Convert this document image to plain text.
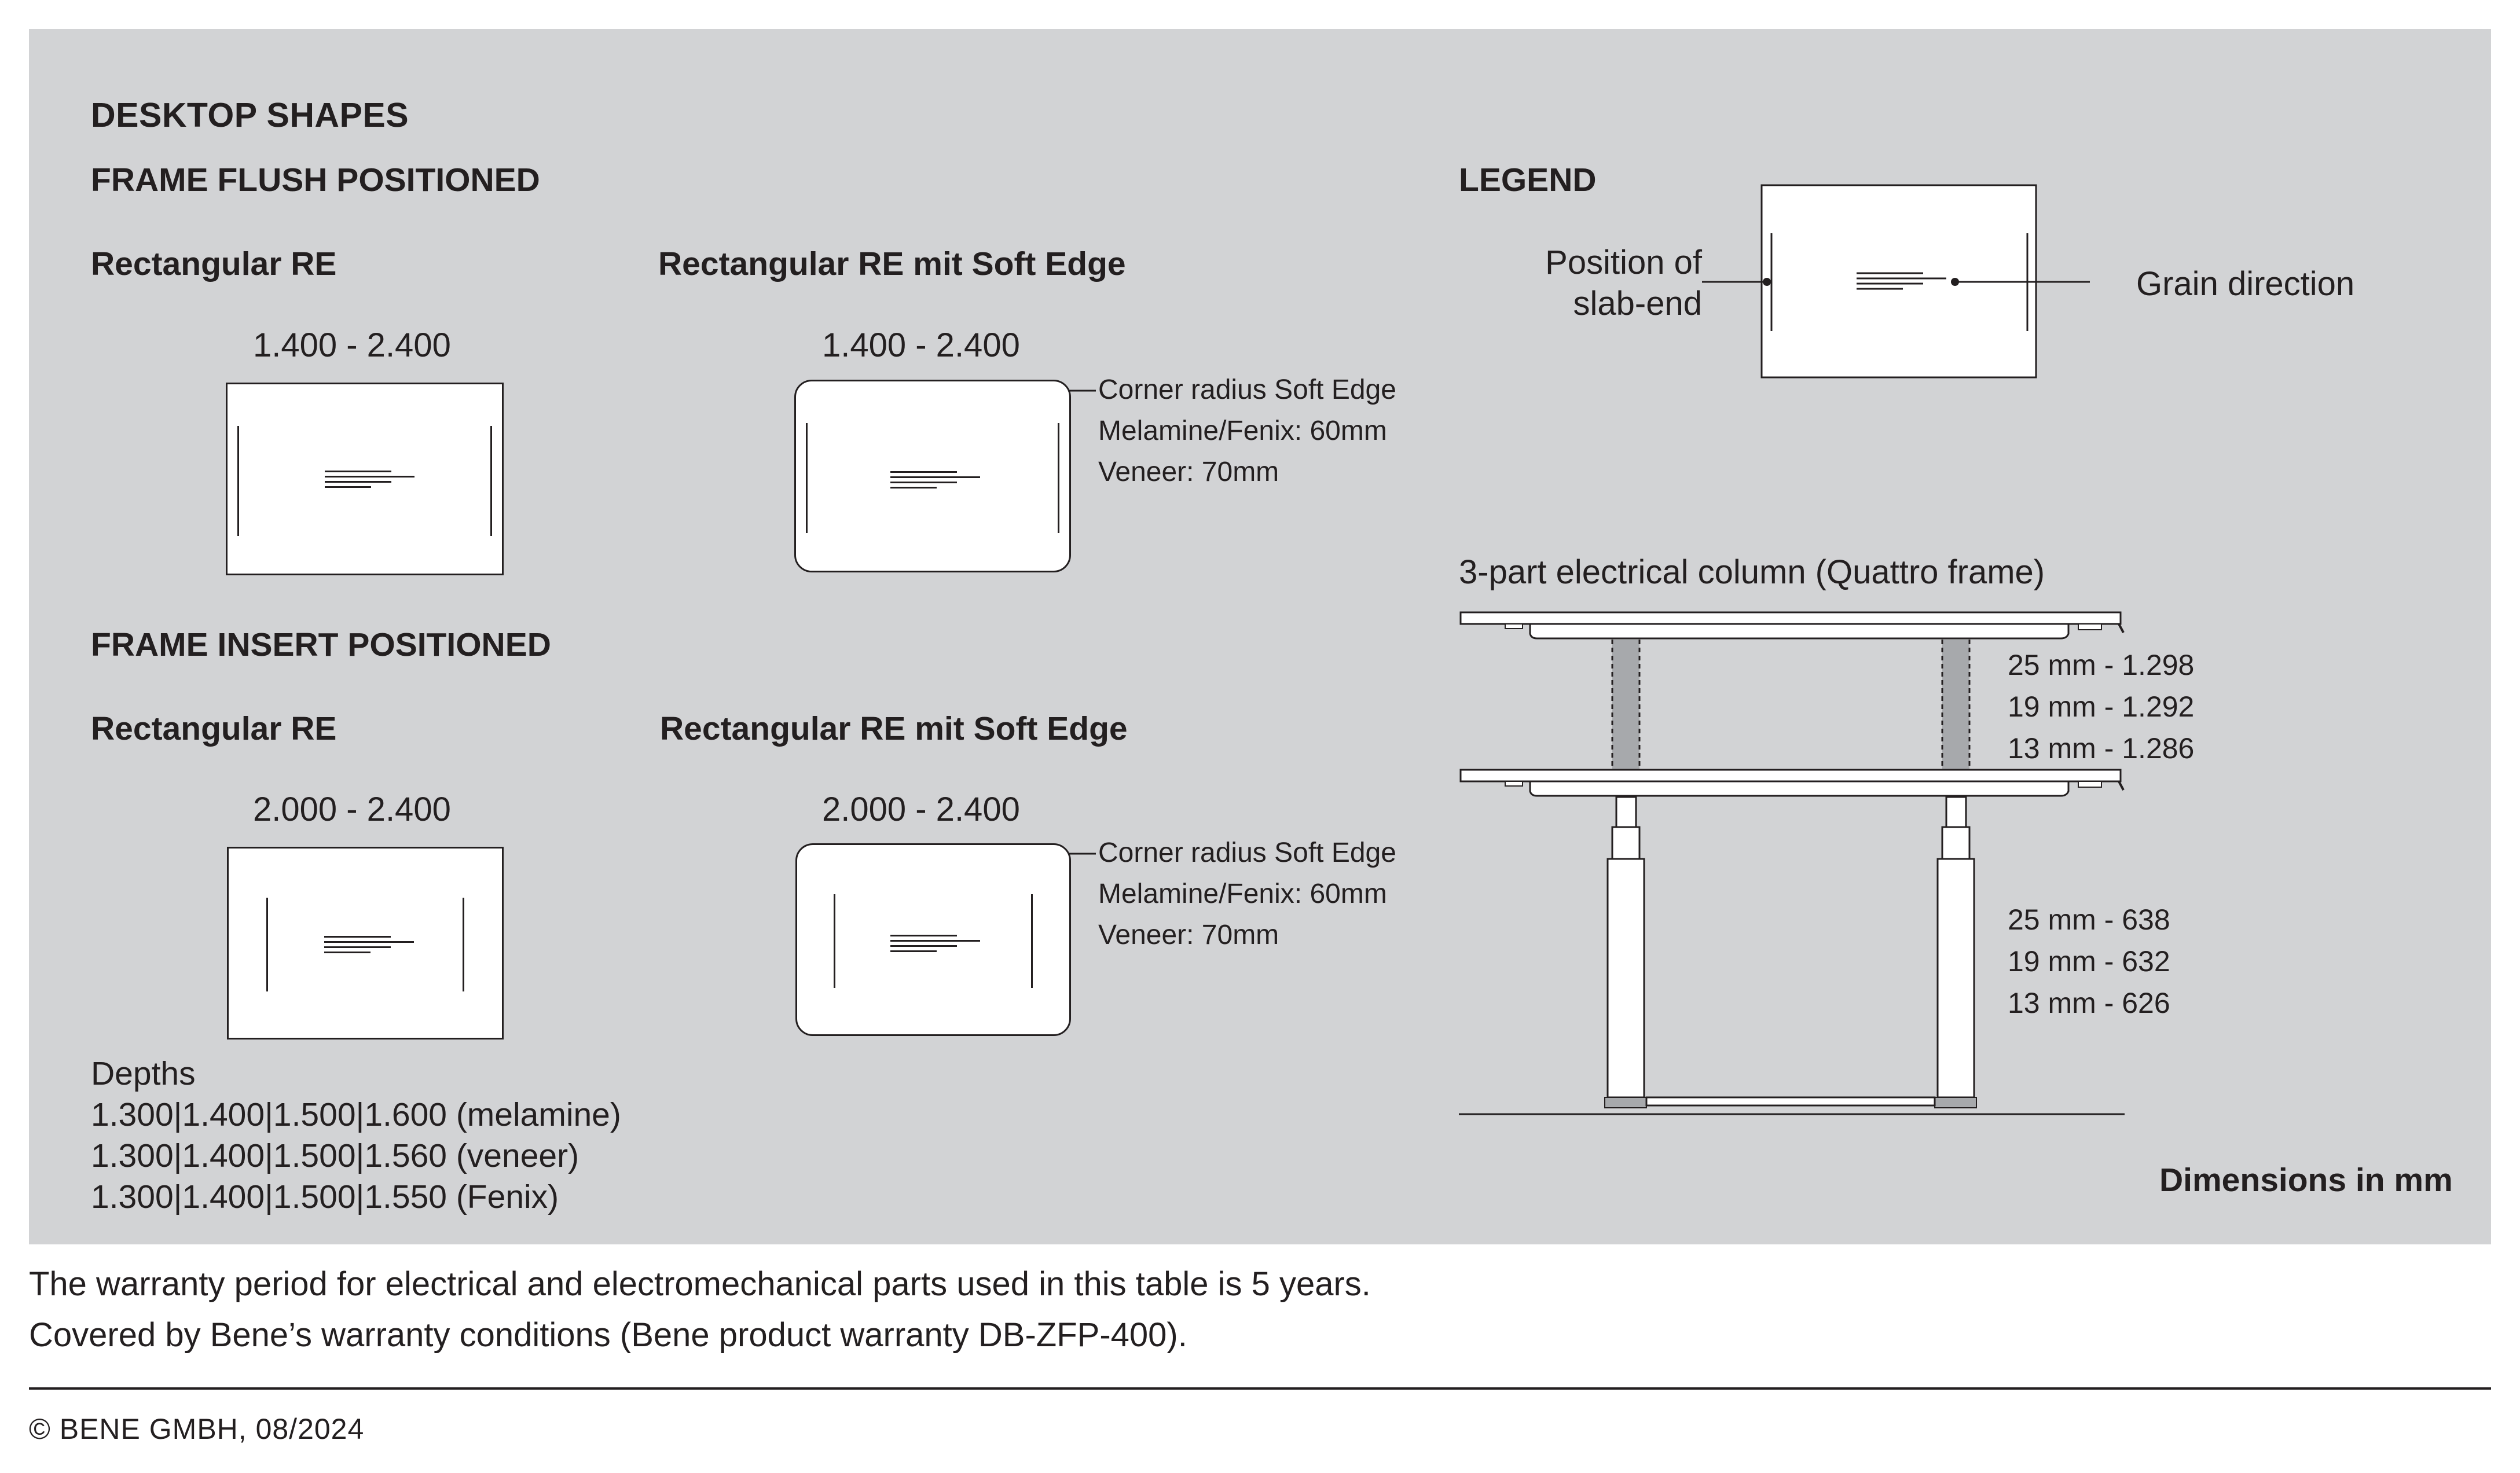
DESKTOP SHAPES
FRAME FLUSH POSITIONED
Rectangular RE
1.400 - 2.400
Rectangular RE mit Soft Edge
1.400 - 2.400
Corner radius Soft Edge
Melamine/Fenix: 60mm
Veneer: 70mm
FRAME INSERT POSITIONED
Rectangular RE
2.000 - 2.400
Rectangular RE mit Soft Edge
2.000 - 2.400
Corner radius Soft Edge
Melamine/Fenix: 60mm
Veneer: 70mm
Depths
1.300|1.400|1.500|1.600 (melamine)
1.300|1.400|1.500|1.560 (veneer)
1.300|1.400|1.500|1.550 (Fenix)
LEGEND
Position of
slab-end
Grain direction
3-part electrical column (Quattro frame)
25 mm - 1.298
19 mm - 1.292
13 mm - 1.286
25 mm - 638
19 mm - 632
13 mm - 626
Dimensions in mm
The warranty period for electrical and electromechanical parts used in this table is 5 years.
Covered by Bene’s warranty conditions (Bene product warranty DB-ZFP-400).
© BENE GMBH, 08/2024
